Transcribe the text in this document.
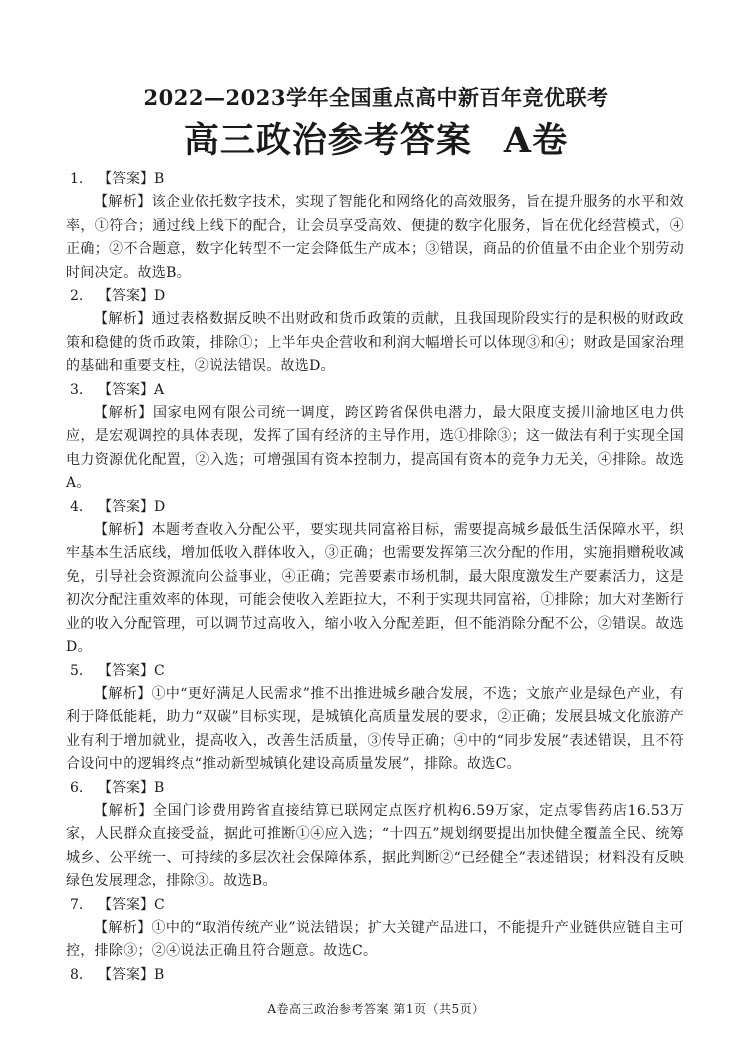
2022—2023学年全国重点高中新百年竞优联考
高三政治参考答案 A卷
1. 【答案】B
【解析】该企业依托数字技术，实现了智能化和网络化的高效服务，旨在提升服务的水平和效率，①符合；通过线上线下的配合，让会员享受高效、便捷的数字化服务，旨在优化经营模式，④正确；②不合题意，数字化转型不一定会降低生产成本；③错误，商品的价值量不由企业个别劳动时间决定。故选B。
2. 【答案】D
【解析】通过表格数据反映不出财政和货币政策的贡献，且我国现阶段实行的是积极的财政政策和稳健的货币政策，排除①；上半年央企营收和利润大幅增长可以体现③和④；财政是国家治理的基础和重要支柱，②说法错误。故选D。
3. 【答案】A
【解析】国家电网有限公司统一调度，跨区跨省保供电潜力，最大限度支援川渝地区电力供应，是宏观调控的具体表现，发挥了国有经济的主导作用，选①排除③；这一做法有利于实现全国电力资源优化配置，②入选；可增强国有资本控制力，提高国有资本的竞争力无关，④排除。故选A。
4. 【答案】D
【解析】本题考查收入分配公平，要实现共同富裕目标，需要提高城乡最低生活保障水平，织牢基本生活底线，增加低收入群体收入，③正确；也需要发挥第三次分配的作用，实施捐赠税收减免，引导社会资源流向公益事业，④正确；完善要素市场机制，最大限度激发生产要素活力，这是初次分配注重效率的体现，可能会使收入差距拉大，不利于实现共同富裕，①排除；加大对垄断行业的收入分配管理，可以调节过高收入，缩小收入分配差距，但不能消除分配不公，②错误。故选D。
5. 【答案】C
【解析】①中“更好满足人民需求”推不出推进城乡融合发展，不选；文旅产业是绿色产业，有利于降低能耗，助力“双碳”目标实现，是城镇化高质量发展的要求，②正确；发展县城文化旅游产业有利于增加就业，提高收入，改善生活质量，③传导正确；④中的“同步发展”表述错误，且不符合设问中的逻辑终点“推动新型城镇化建设高质量发展”，排除。故选C。
6. 【答案】B
【解析】全国门诊费用跨省直接结算已联网定点医疗机构6.59万家，定点零售药店16.53万家，人民群众直接受益，据此可推断①④应入选；“十四五”规划纲要提出加快健全覆盖全民、统筹城乡、公平统一、可持续的多层次社会保障体系，据此判断②“已经健全”表述错误；材料没有反映绿色发展理念，排除③。故选B。
7. 【答案】C
【解析】①中的“取消传统产业”说法错误；扩大关键产品进口，不能提升产业链供应链自主可控，排除③；②④说法正确且符合题意。故选C。
8. 【答案】B
A卷高三政治参考答案 第1页（共5页）
